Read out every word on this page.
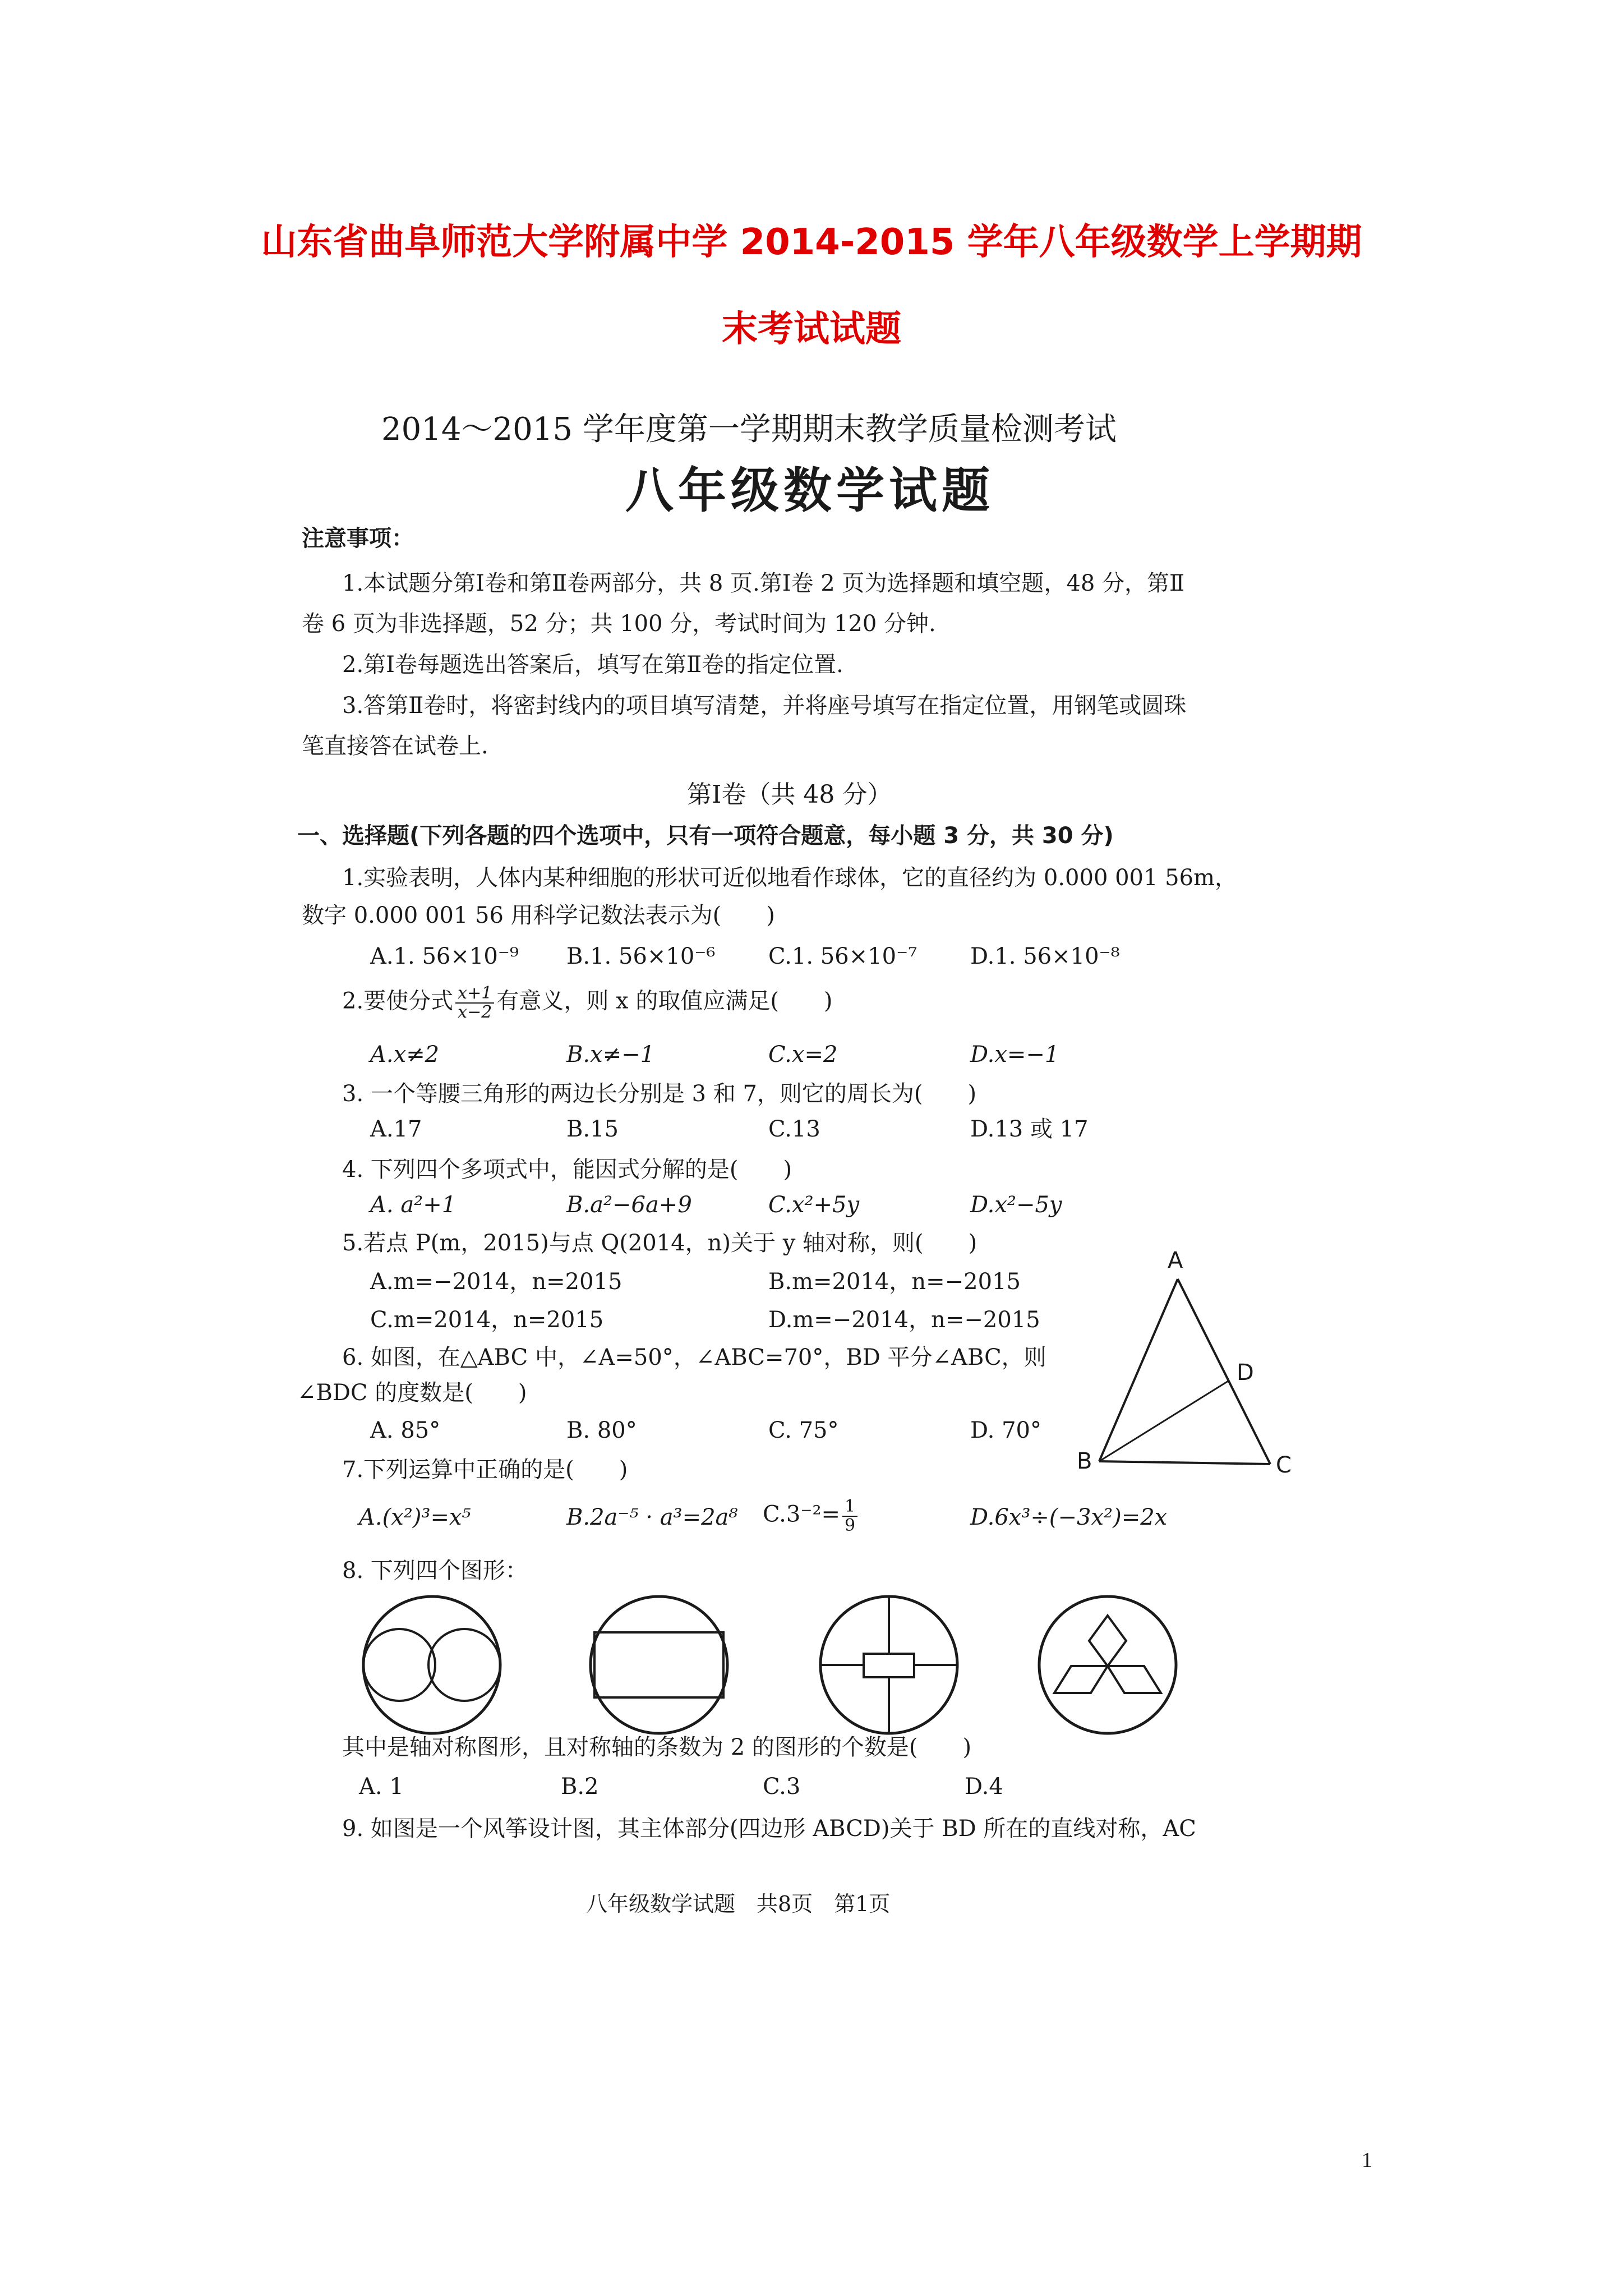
山东省曲阜师范大学附属中学 2014-2015 学年八年级数学上学期期
末考试试题
2014～2015 学年度第一学期期末教学质量检测考试
八年级数学试题
注意事项：
1.本试题分第Ⅰ卷和第Ⅱ卷两部分，共 8 页.第Ⅰ卷 2 页为选择题和填空题，48 分，第Ⅱ
卷 6 页为非选择题，52 分；共 100 分，考试时间为 120 分钟.
2.第Ⅰ卷每题选出答案后，填写在第Ⅱ卷的指定位置.
3.答第Ⅱ卷时，将密封线内的项目填写清楚，并将座号填写在指定位置，用钢笔或圆珠
笔直接答在试卷上.
第Ⅰ卷（共 48 分）
一、选择题(下列各题的四个选项中，只有一项符合题意，每小题 3 分，共 30 分)
1.实验表明，人体内某种细胞的形状可近似地看作球体，它的直径约为 0.000 001 56m，
数字 0.000 001 56 用科学记数法表示为(　　)
A.1. 56×10⁻⁹ B.1. 56×10⁻⁶ C.1. 56×10⁻⁷ D.1. 56×10⁻⁸
2.要使分式 $\frac{x+1}{x-2}$ 有意义，则 x 的取值应满足(　　)
A.x≠2	B.x≠−1	C.x=2	D.x=−1
3. 一个等腰三角形的两边长分别是 3 和 7，则它的周长为(　　)
A.17	B.15	C.13	D.13 或 17
4. 下列四个多项式中，能因式分解的是(　　)
A. a²+1	B.a²−6a+9	C.x²+5y	D.x²−5y
5.若点 P(m，2015)与点 Q(2014，n)关于 y 轴对称，则(　　)
A.m=−2014，n=2015	B.m=2014，n=−2015
C.m=2014，n=2015	D.m=−2014，n=−2015
6. 如图，在△ABC 中，∠A=50°，∠ABC=70°，BD 平分∠ABC，则
∠BDC 的度数是(　　)
A. 85°	B. 80°	C. 75°	D. 70°
A
B	C
D
7.下列运算中正确的是(　　)
A.(x²)³=x⁵	B.2a⁻⁵ · a³=2a⁸ $C.3^{-2}= \frac{1}{9}$	D.6x³÷(−3x²)=2x
8. 下列四个图形：
其中是轴对称图形，且对称轴的条数为 2 的图形的个数是(　　)
A. 1	B.2	C.3	D.4
9. 如图是一个风筝设计图，其主体部分(四边形 ABCD)关于 BD 所在的直线对称，AC
八年级数学试题　共8页　第1页
1
